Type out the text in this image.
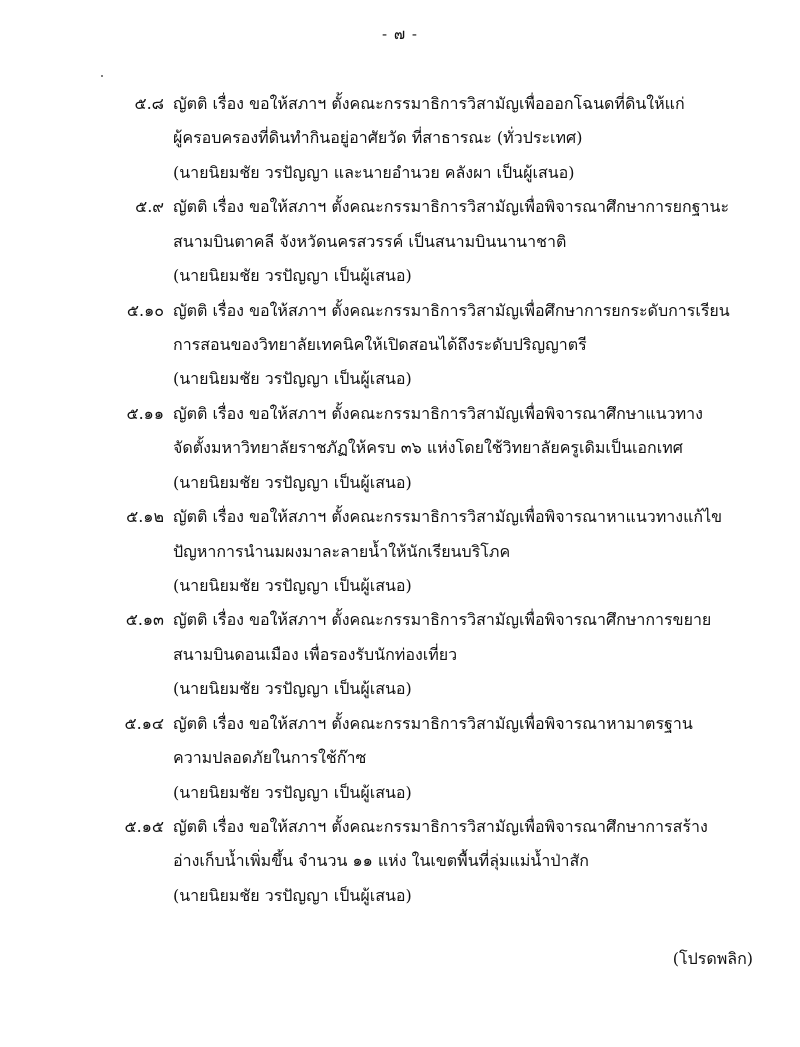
- ๗ -
๕.๘ ญัตติ เรื่อง ขอให้สภาฯ ตั้งคณะกรรมาธิการวิสามัญเพื่อออกโฉนดที่ดินให้แก่
ผู้ครอบครองที่ดินทำกินอยู่อาศัยวัด ที่สาธารณะ (ทั่วประเทศ)
(นายนิยมชัย วรปัญญา และนายอำนวย คลังผา เป็นผู้เสนอ)
๕.๙ ญัตติ เรื่อง ขอให้สภาฯ ตั้งคณะกรรมาธิการวิสามัญเพื่อพิจารณาศึกษาการยกฐานะ
สนามบินตาคลี จังหวัดนครสวรรค์ เป็นสนามบินนานาชาติ
(นายนิยมชัย วรปัญญา เป็นผู้เสนอ)
๕.๑๐ ญัตติ เรื่อง ขอให้สภาฯ ตั้งคณะกรรมาธิการวิสามัญเพื่อศึกษาการยกระดับการเรียน
การสอนของวิทยาลัยเทคนิคให้เปิดสอนได้ถึงระดับปริญญาตรี
(นายนิยมชัย วรปัญญา เป็นผู้เสนอ)
๕.๑๑ ญัตติ เรื่อง ขอให้สภาฯ ตั้งคณะกรรมาธิการวิสามัญเพื่อพิจารณาศึกษาแนวทาง
จัดตั้งมหาวิทยาลัยราชภัฏให้ครบ ๓๖ แห่งโดยใช้วิทยาลัยครูเดิมเป็นเอกเทศ
(นายนิยมชัย วรปัญญา เป็นผู้เสนอ)
๕.๑๒ ญัตติ เรื่อง ขอให้สภาฯ ตั้งคณะกรรมาธิการวิสามัญเพื่อพิจารณาหาแนวทางแก้ไข
ปัญหาการนำนมผงมาละลายน้ำให้นักเรียนบริโภค
(นายนิยมชัย วรปัญญา เป็นผู้เสนอ)
๕.๑๓ ญัตติ เรื่อง ขอให้สภาฯ ตั้งคณะกรรมาธิการวิสามัญเพื่อพิจารณาศึกษาการขยาย
สนามบินดอนเมือง เพื่อรองรับนักท่องเที่ยว
(นายนิยมชัย วรปัญญา เป็นผู้เสนอ)
๕.๑๔ ญัตติ เรื่อง ขอให้สภาฯ ตั้งคณะกรรมาธิการวิสามัญเพื่อพิจารณาหามาตรฐาน
ความปลอดภัยในการใช้ก๊าซ
(นายนิยมชัย วรปัญญา เป็นผู้เสนอ)
๕.๑๕ ญัตติ เรื่อง ขอให้สภาฯ ตั้งคณะกรรมาธิการวิสามัญเพื่อพิจารณาศึกษาการสร้าง
อ่างเก็บน้ำเพิ่มขึ้น จำนวน ๑๑ แห่ง ในเขตพื้นที่ลุ่มแม่น้ำป่าสัก
(นายนิยมชัย วรปัญญา เป็นผู้เสนอ)
(โปรดพลิก)
